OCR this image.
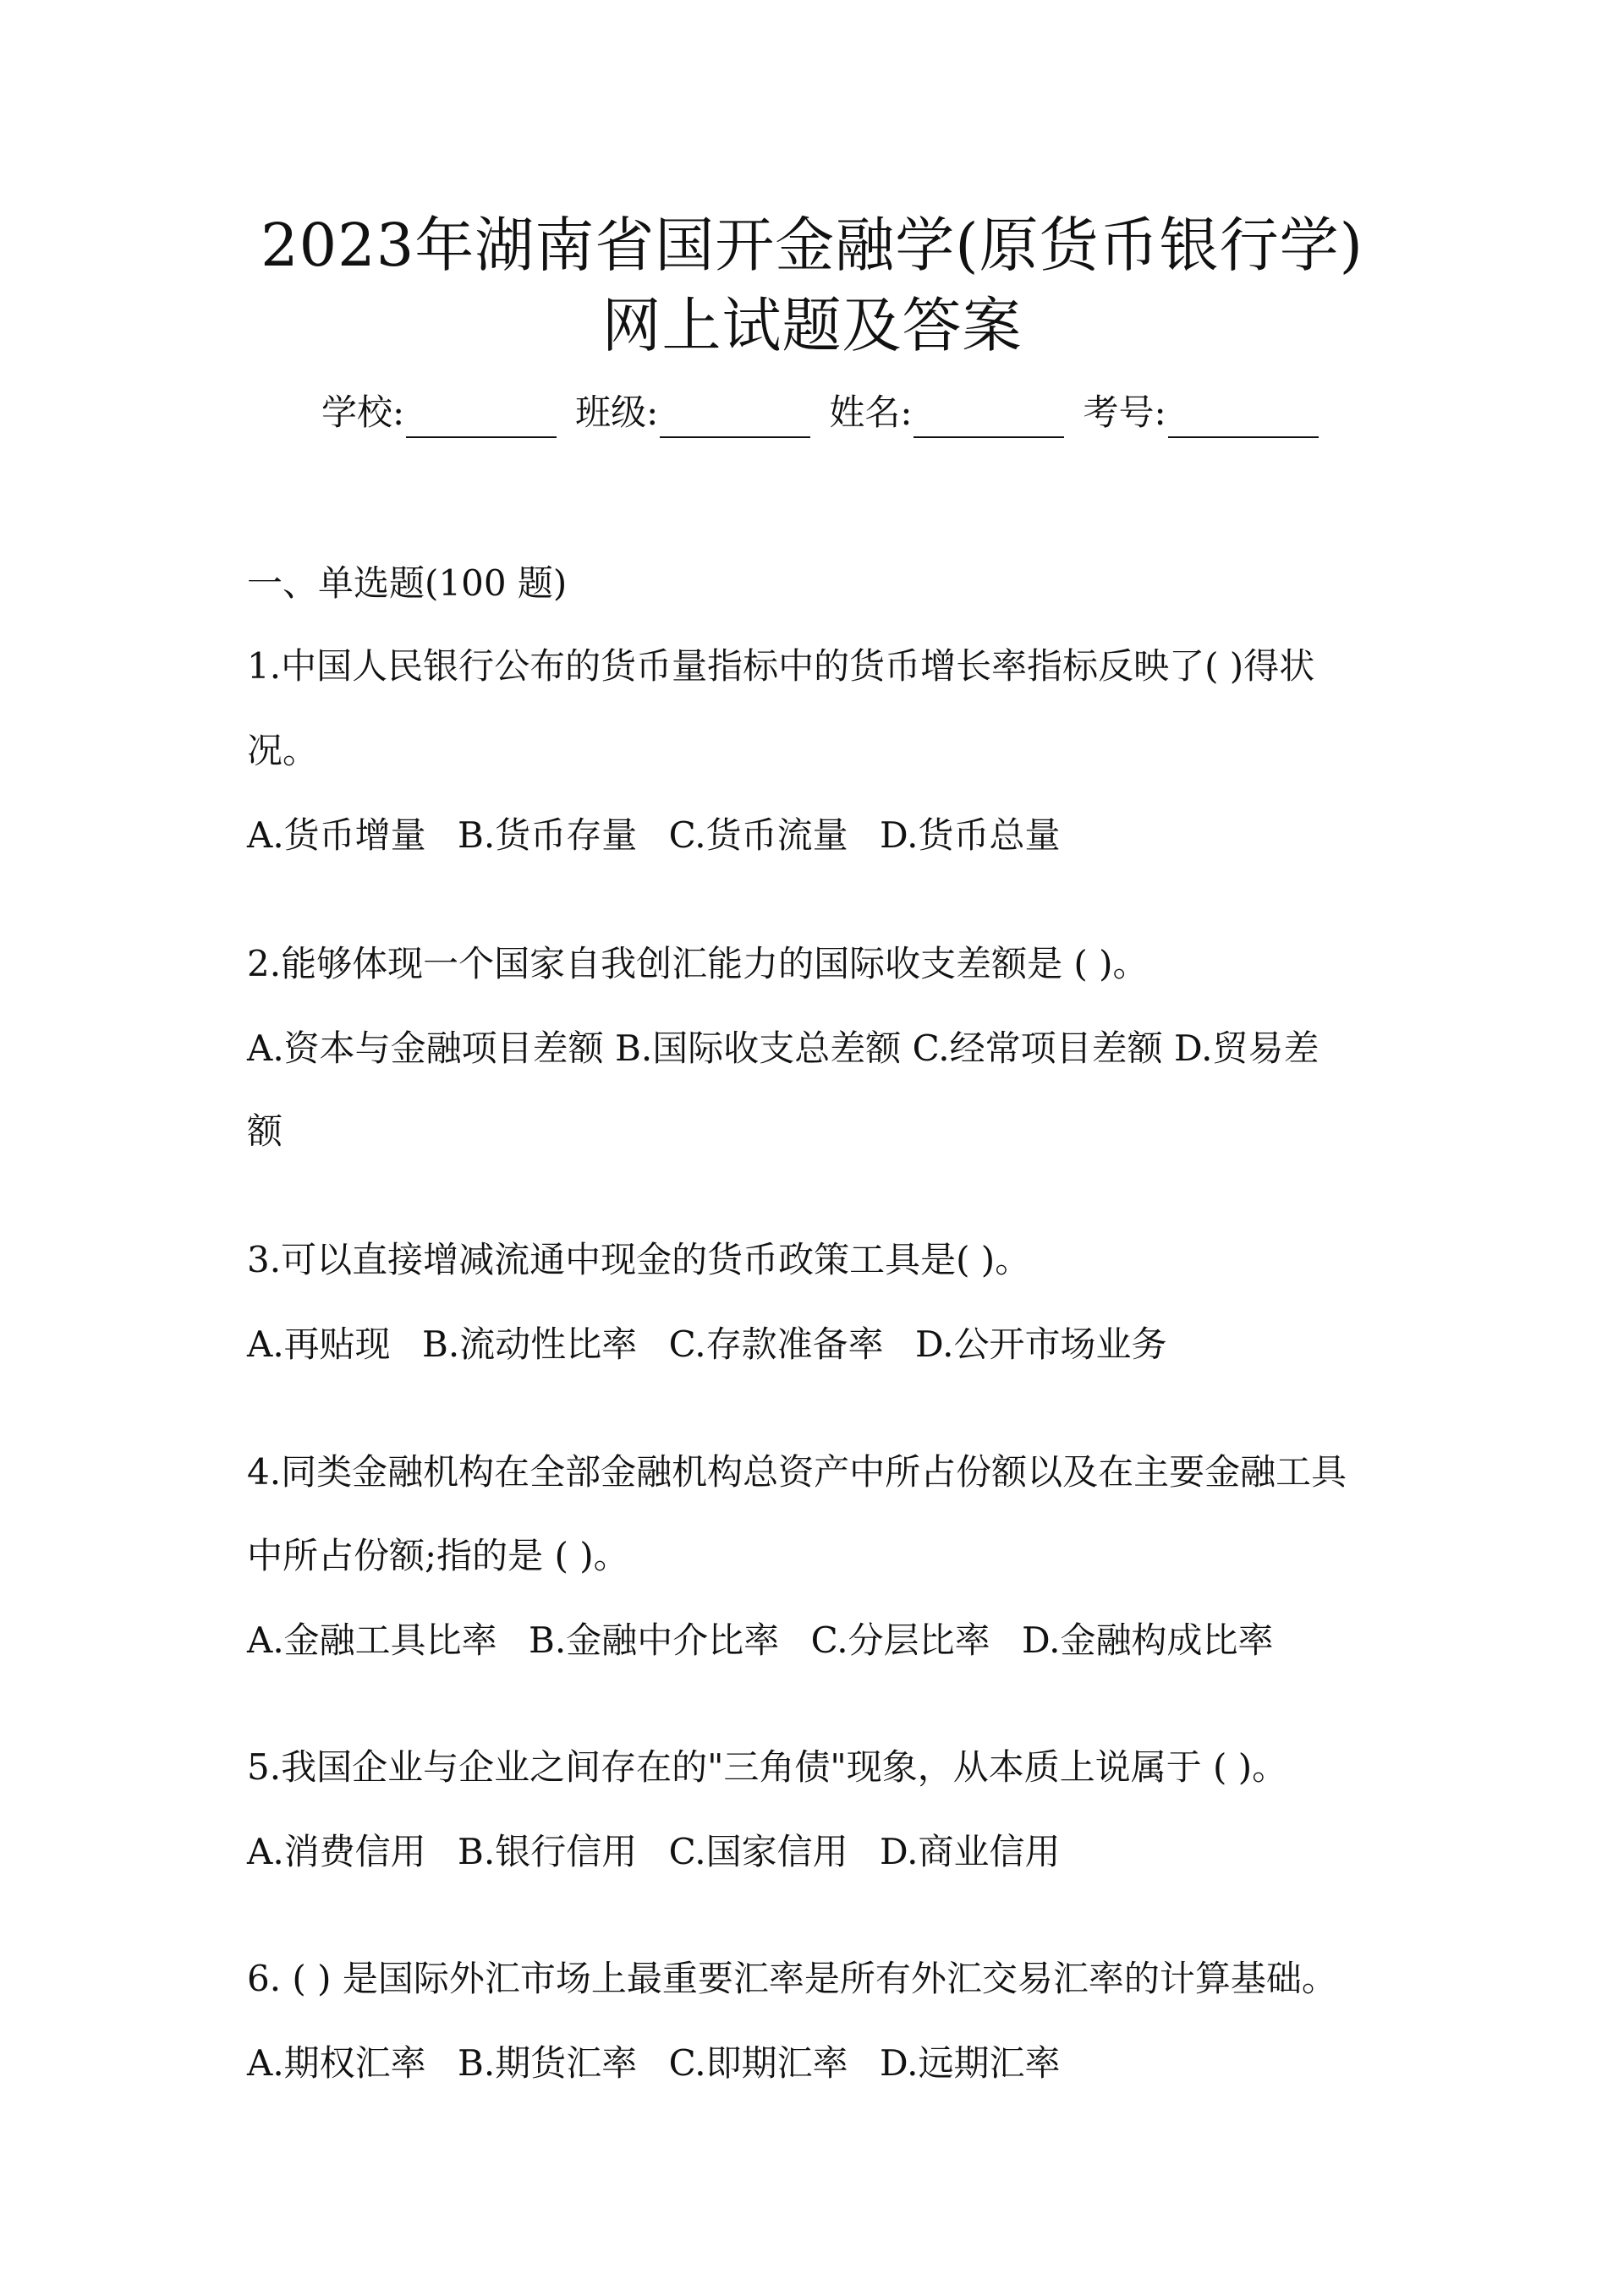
2023年湖南省国开金融学(原货币银行学)
网上试题及答案
学校:	班级:	姓名:	考号:
一、单选题(100 题)
1.中国人民银行公布的货币量指标中的货币增长率指标反映了( )得状
况。
A.货币增量 B.货币存量 C.货币流量 D.货币总量
2.能够体现一个国家自我创汇能力的国际收支差额是 ( )。
A.资本与金融项目差额 B.国际收支总差额 C.经常项目差额 D.贸易差
额
3.可以直接增减流通中现金的货币政策工具是( )。
A.再贴现 B.流动性比率 C.存款准备率 D.公开市场业务
4.同类金融机构在全部金融机构总资产中所占份额以及在主要金融工具
中所占份额;指的是 ( )。
A.金融工具比率 B.金融中介比率 C.分层比率 D.金融构成比率
5.我国企业与企业之间存在的"三角债"现象，从本质上说属于 ( )。
A.消费信用 B.银行信用 C.国家信用 D.商业信用
6. ( ) 是国际外汇市场上最重要汇率是所有外汇交易汇率的计算基础。
A.期权汇率 B.期货汇率 C.即期汇率 D.远期汇率
